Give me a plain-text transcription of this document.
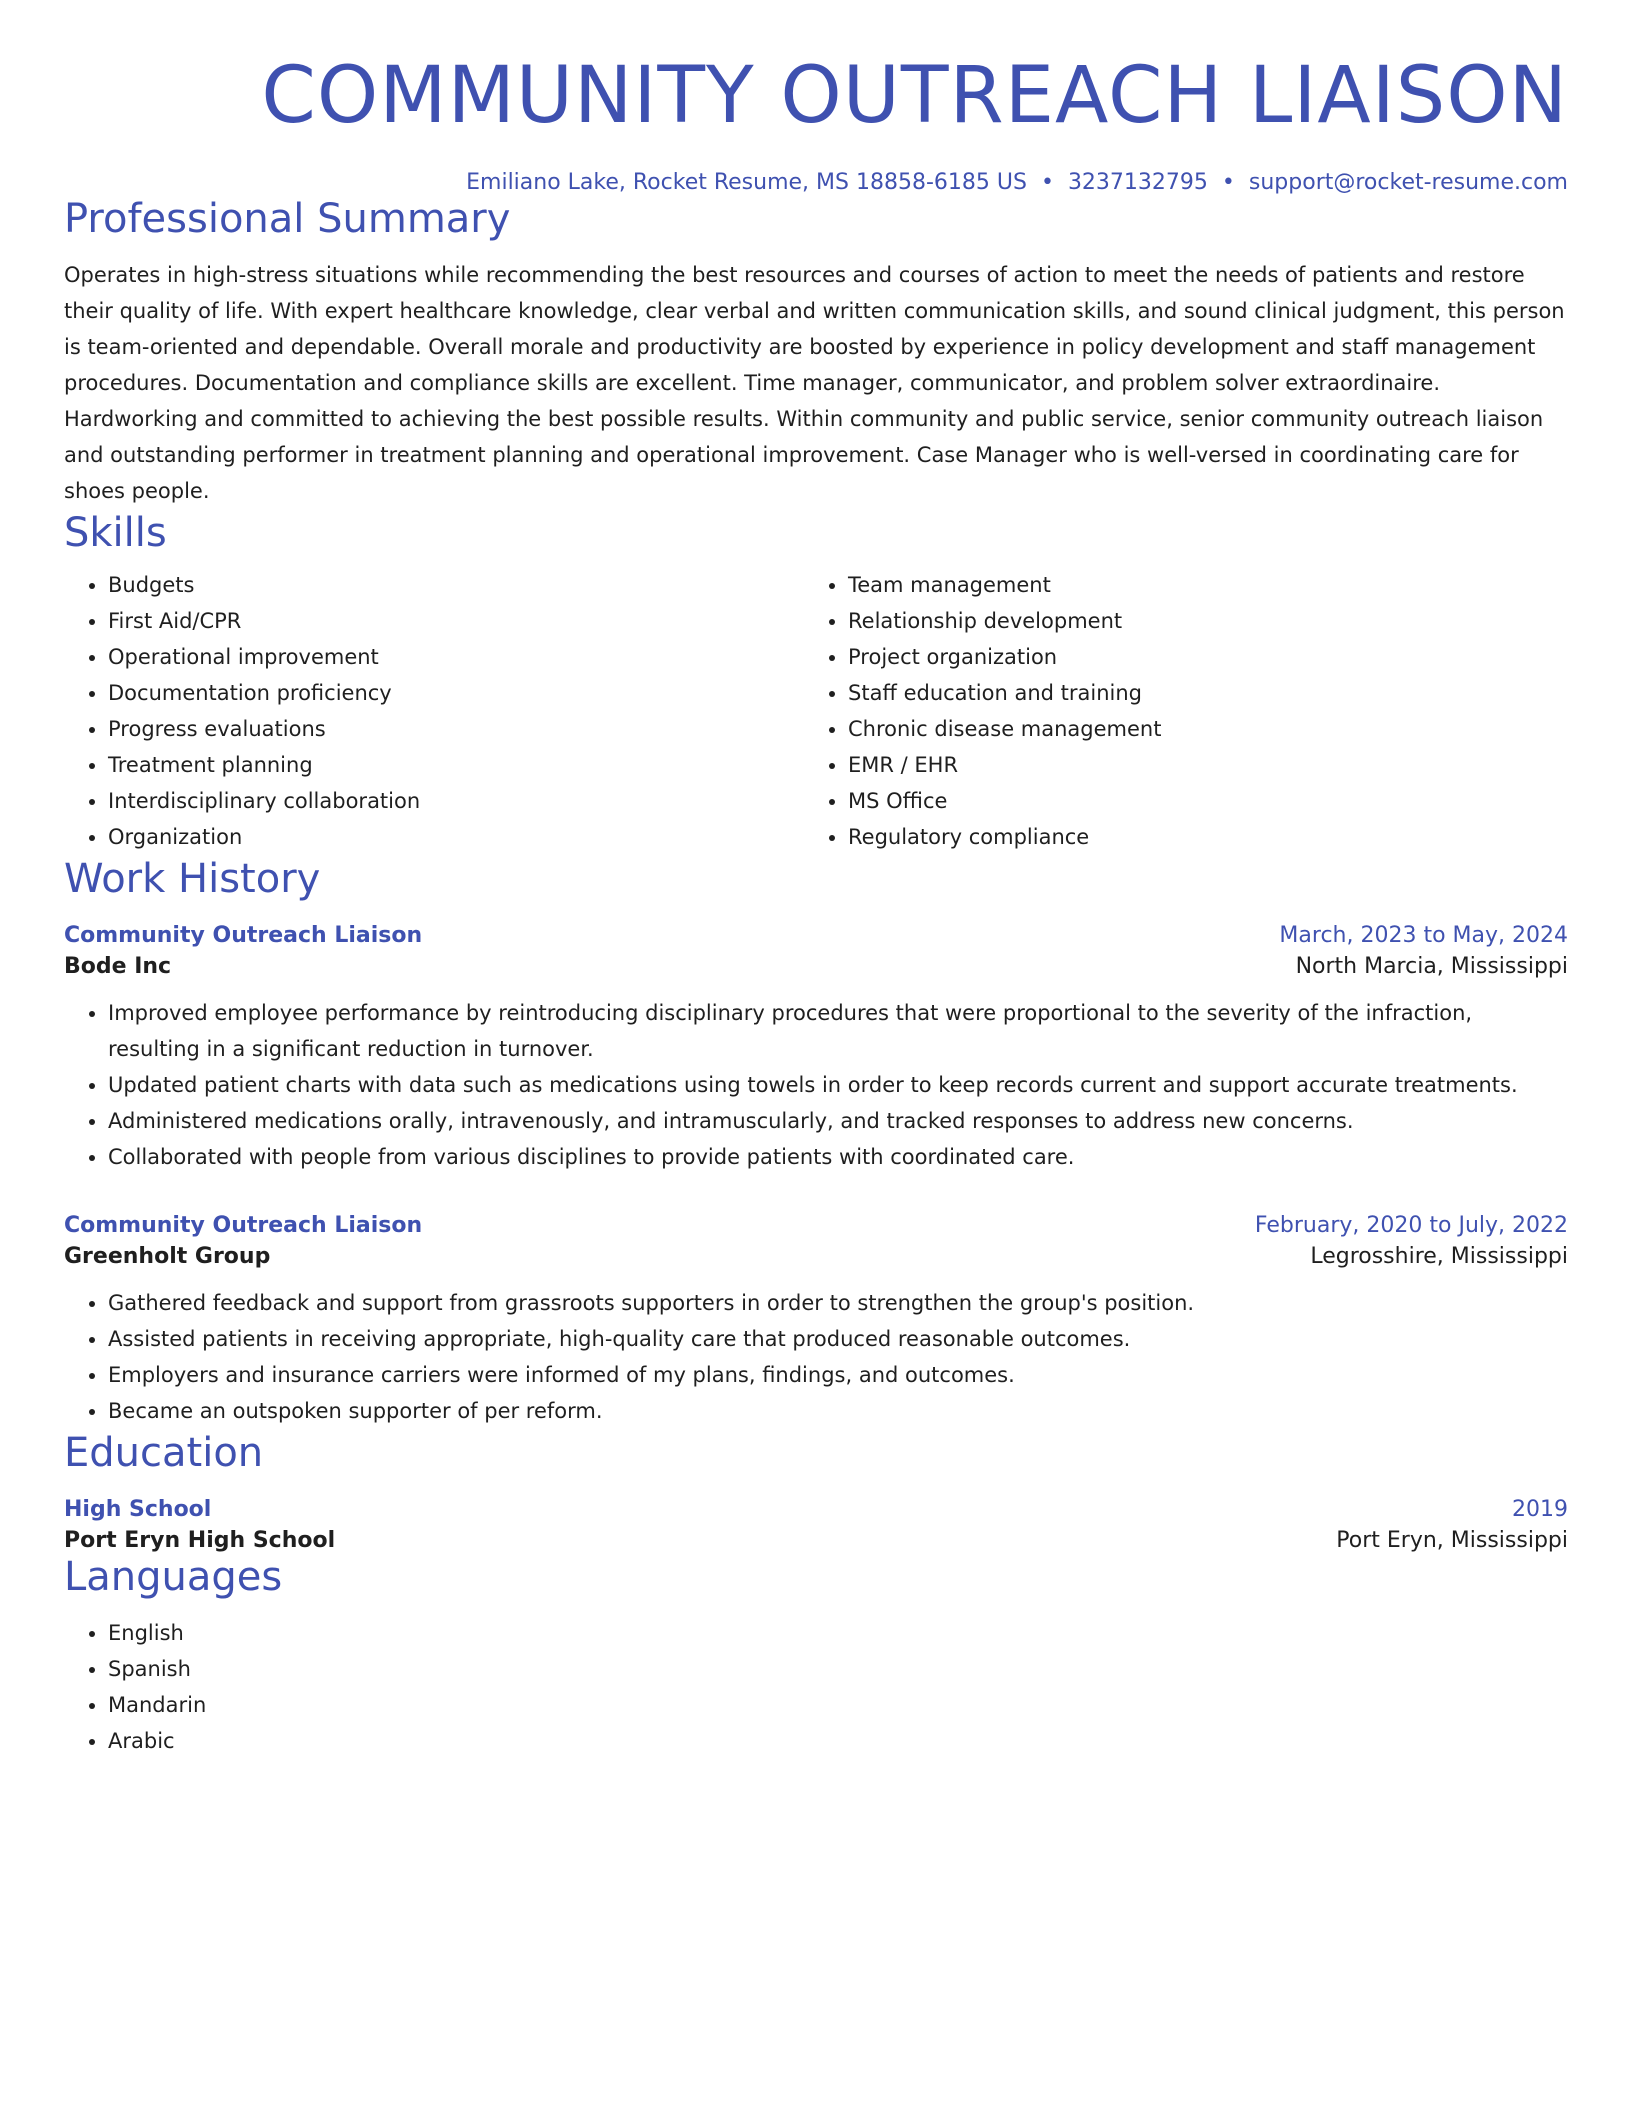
COMMUNITY OUTREACH LIAISON
Emiliano Lake, Rocket Resume, MS 18858-6185 US • 3237132795 • support@rocket-resume.com
Professional Summary
Operates in high-stress situations while recommending the best resources and courses of action to meet the needs of patients and restore their quality of life. With expert healthcare knowledge, clear verbal and written communication skills, and sound clinical judgment, this person is team-oriented and dependable. Overall morale and productivity are boosted by experience in policy development and staff management procedures. Documentation and compliance skills are excellent. Time manager, communicator, and problem solver extraordinaire. Hardworking and committed to achieving the best possible results. Within community and public service, senior community outreach liaison and outstanding performer in treatment planning and operational improvement. Case Manager who is well-versed in coordinating care for shoes people.
Skills
• Budgets
• First Aid/CPR
• Operational improvement
• Documentation proficiency
• Progress evaluations
• Treatment planning
• Interdisciplinary collaboration
• Organization
• Team management
• Relationship development
• Project organization
• Staff education and training
• Chronic disease management
• EMR / EHR
• MS Office
• Regulatory compliance
Work History
Community Outreach Liaison	March, 2023 to May, 2024
Bode Inc	North Marcia, Mississippi
• Improved employee performance by reintroducing disciplinary procedures that were proportional to the severity of the infraction, resulting in a significant reduction in turnover.
• Updated patient charts with data such as medications using towels in order to keep records current and support accurate treatments.
• Administered medications orally, intravenously, and intramuscularly, and tracked responses to address new concerns.
• Collaborated with people from various disciplines to provide patients with coordinated care.
Community Outreach Liaison	February, 2020 to July, 2022
Greenholt Group	Legrosshire, Mississippi
• Gathered feedback and support from grassroots supporters in order to strengthen the group's position.
• Assisted patients in receiving appropriate, high-quality care that produced reasonable outcomes.
• Employers and insurance carriers were informed of my plans, findings, and outcomes.
• Became an outspoken supporter of per reform.
Education
High School	2019
Port Eryn High School	Port Eryn, Mississippi
Languages
• English
• Spanish
• Mandarin
• Arabic
